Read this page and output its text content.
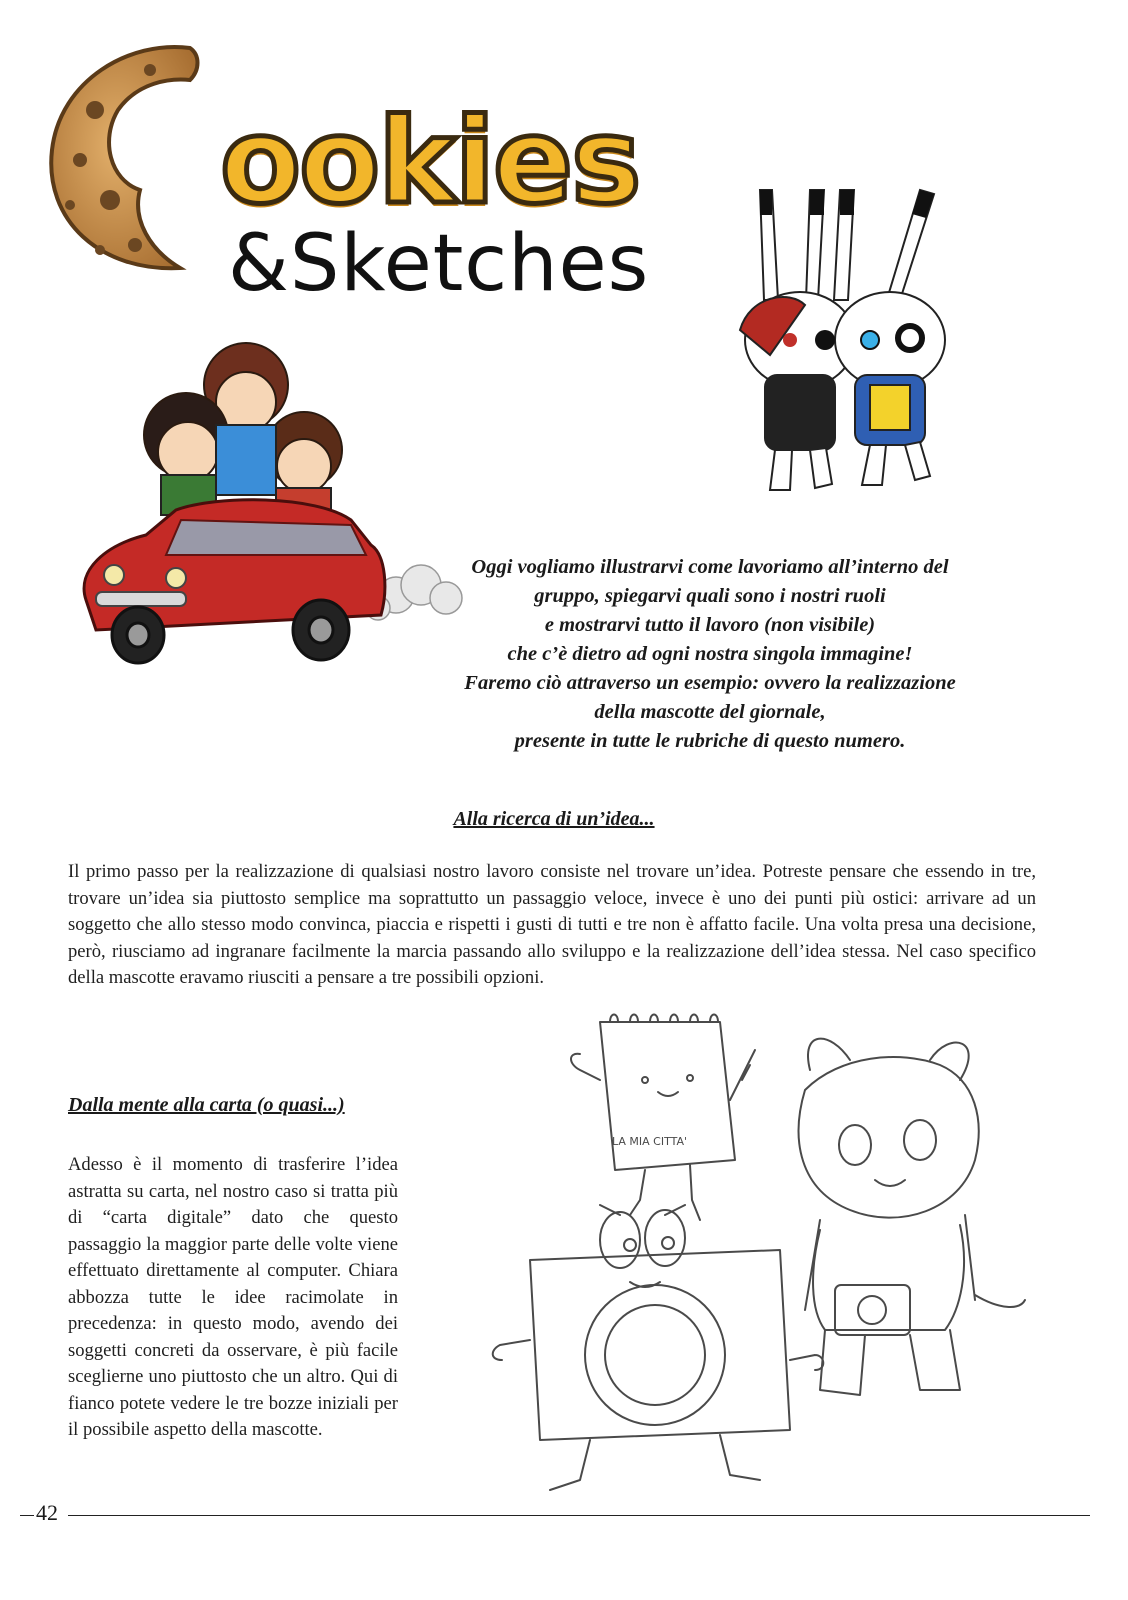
ookies
&Sketches

Oggi vogliamo illustrarvi come lavoriamo all’interno del

gruppo, spiegarvi quali sono i nostri ruoli

e mostrarvi tutto il lavoro (non visibile)

che c’è dietro ad ogni nostra singola immagine!

Faremo ciò attraverso un esempio: ovvero la realizzazione

della mascotte del giornale,

presente in tutte le rubriche di questo numero.

Alla ricerca di un’idea...

Il primo passo per la realizzazione di qualsiasi nostro lavoro consiste nel trovare un’idea. Potreste pensare che essendo in tre, trovare un’idea sia piuttosto semplice ma soprattutto un passaggio veloce, invece è uno dei punti più ostici: arrivare ad un soggetto che allo stesso modo convinca, piaccia e rispetti i gusti di tutti e tre non è affatto facile. Una volta presa una decisione, però, riusciamo ad ingranare facilmente la marcia passando allo sviluppo e la realizzazione dell’idea stessa. Nel caso specifico della mascotte eravamo riusciti a pensare a tre possibili opzioni.

Dalla mente alla carta (o quasi...)

Adesso è il momento di trasferire l’idea astratta su carta, nel nostro caso si tratta più di “carta digitale” dato che questo passaggio la maggior parte delle volte viene effettuato direttamente al computer. Chiara abbozza tutte le idee racimolate in precedenza: in questo modo, avendo dei soggetti concreti da osservare, è più facile sceglierne uno piuttosto che un altro. Qui di fianco potete vedere le tre bozze iniziali per il possibile aspetto della mascotte.

LA MIA CITTA'
42
